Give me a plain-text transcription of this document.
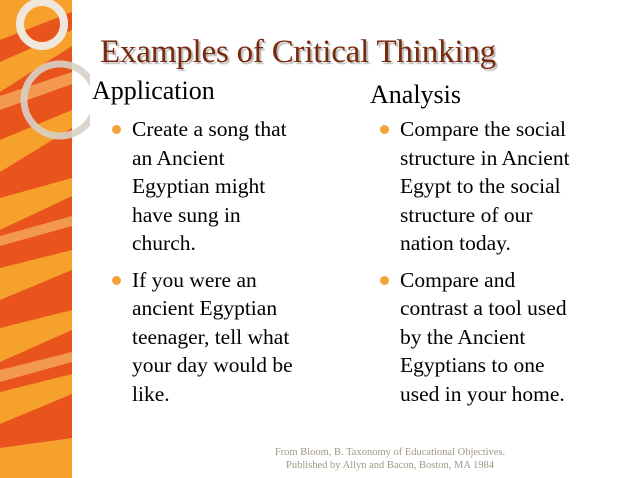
Examples of Critical Thinking
Application	Analysis
Create a song that
an Ancient
Egyptian might
have sung in
church.
If you were an
ancient Egyptian
teenager, tell what
your day would be
like.
Compare the social
structure in Ancient
Egypt to the social
structure of our
nation today.
Compare and
contrast a tool used
by the Ancient
Egyptians to one
used in your home.
From Bloom, B. Taxonomy of Educational Objectives.
Published by Allyn and Bacon, Boston, MA 1984
